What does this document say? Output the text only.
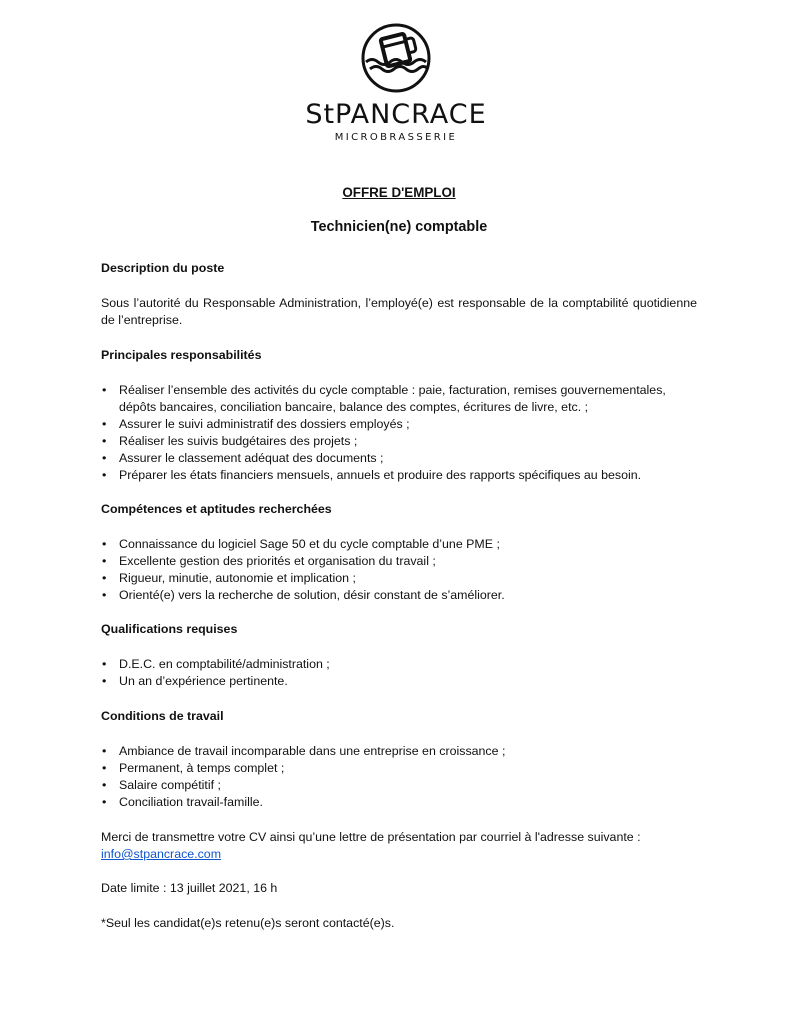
StPANCRACE
MICROBRASSERIE

OFFRE D'EMPLOI

Technicien(ne) comptable

Description du poste

Sous l’autorité du Responsable Administration, l’employé(e) est responsable de la comptabilité quotidienne de l’entreprise.

Principales responsabilités

• Réaliser l’ensemble des activités du cycle comptable : paie, facturation, remises gouvernementales, dépôts bancaires, conciliation bancaire, balance des comptes, écritures de livre, etc. ;
• Assurer le suivi administratif des dossiers employés ;
• Réaliser les suivis budgétaires des projets ;
• Assurer le classement adéquat des documents ;
• Préparer les états financiers mensuels, annuels et produire des rapports spécifiques au besoin.

Compétences et aptitudes recherchées

• Connaissance du logiciel Sage 50 et du cycle comptable d’une PME ;
• Excellente gestion des priorités et organisation du travail ;
• Rigueur, minutie, autonomie et implication ;
• Orienté(e) vers la recherche de solution, désir constant de s’améliorer.

Qualifications requises

• D.E.C. en comptabilité/administration ;
• Un an d’expérience pertinente.

Conditions de travail

• Ambiance de travail incomparable dans une entreprise en croissance ;
• Permanent, à temps complet ;
• Salaire compétitif ;
• Conciliation travail-famille.

Merci de transmettre votre CV ainsi qu’une lettre de présentation par courriel à l'adresse suivante :

info@stpancrace.com

Date limite : 13 juillet 2021, 16 h

*Seul les candidat(e)s retenu(e)s seront contacté(e)s.
